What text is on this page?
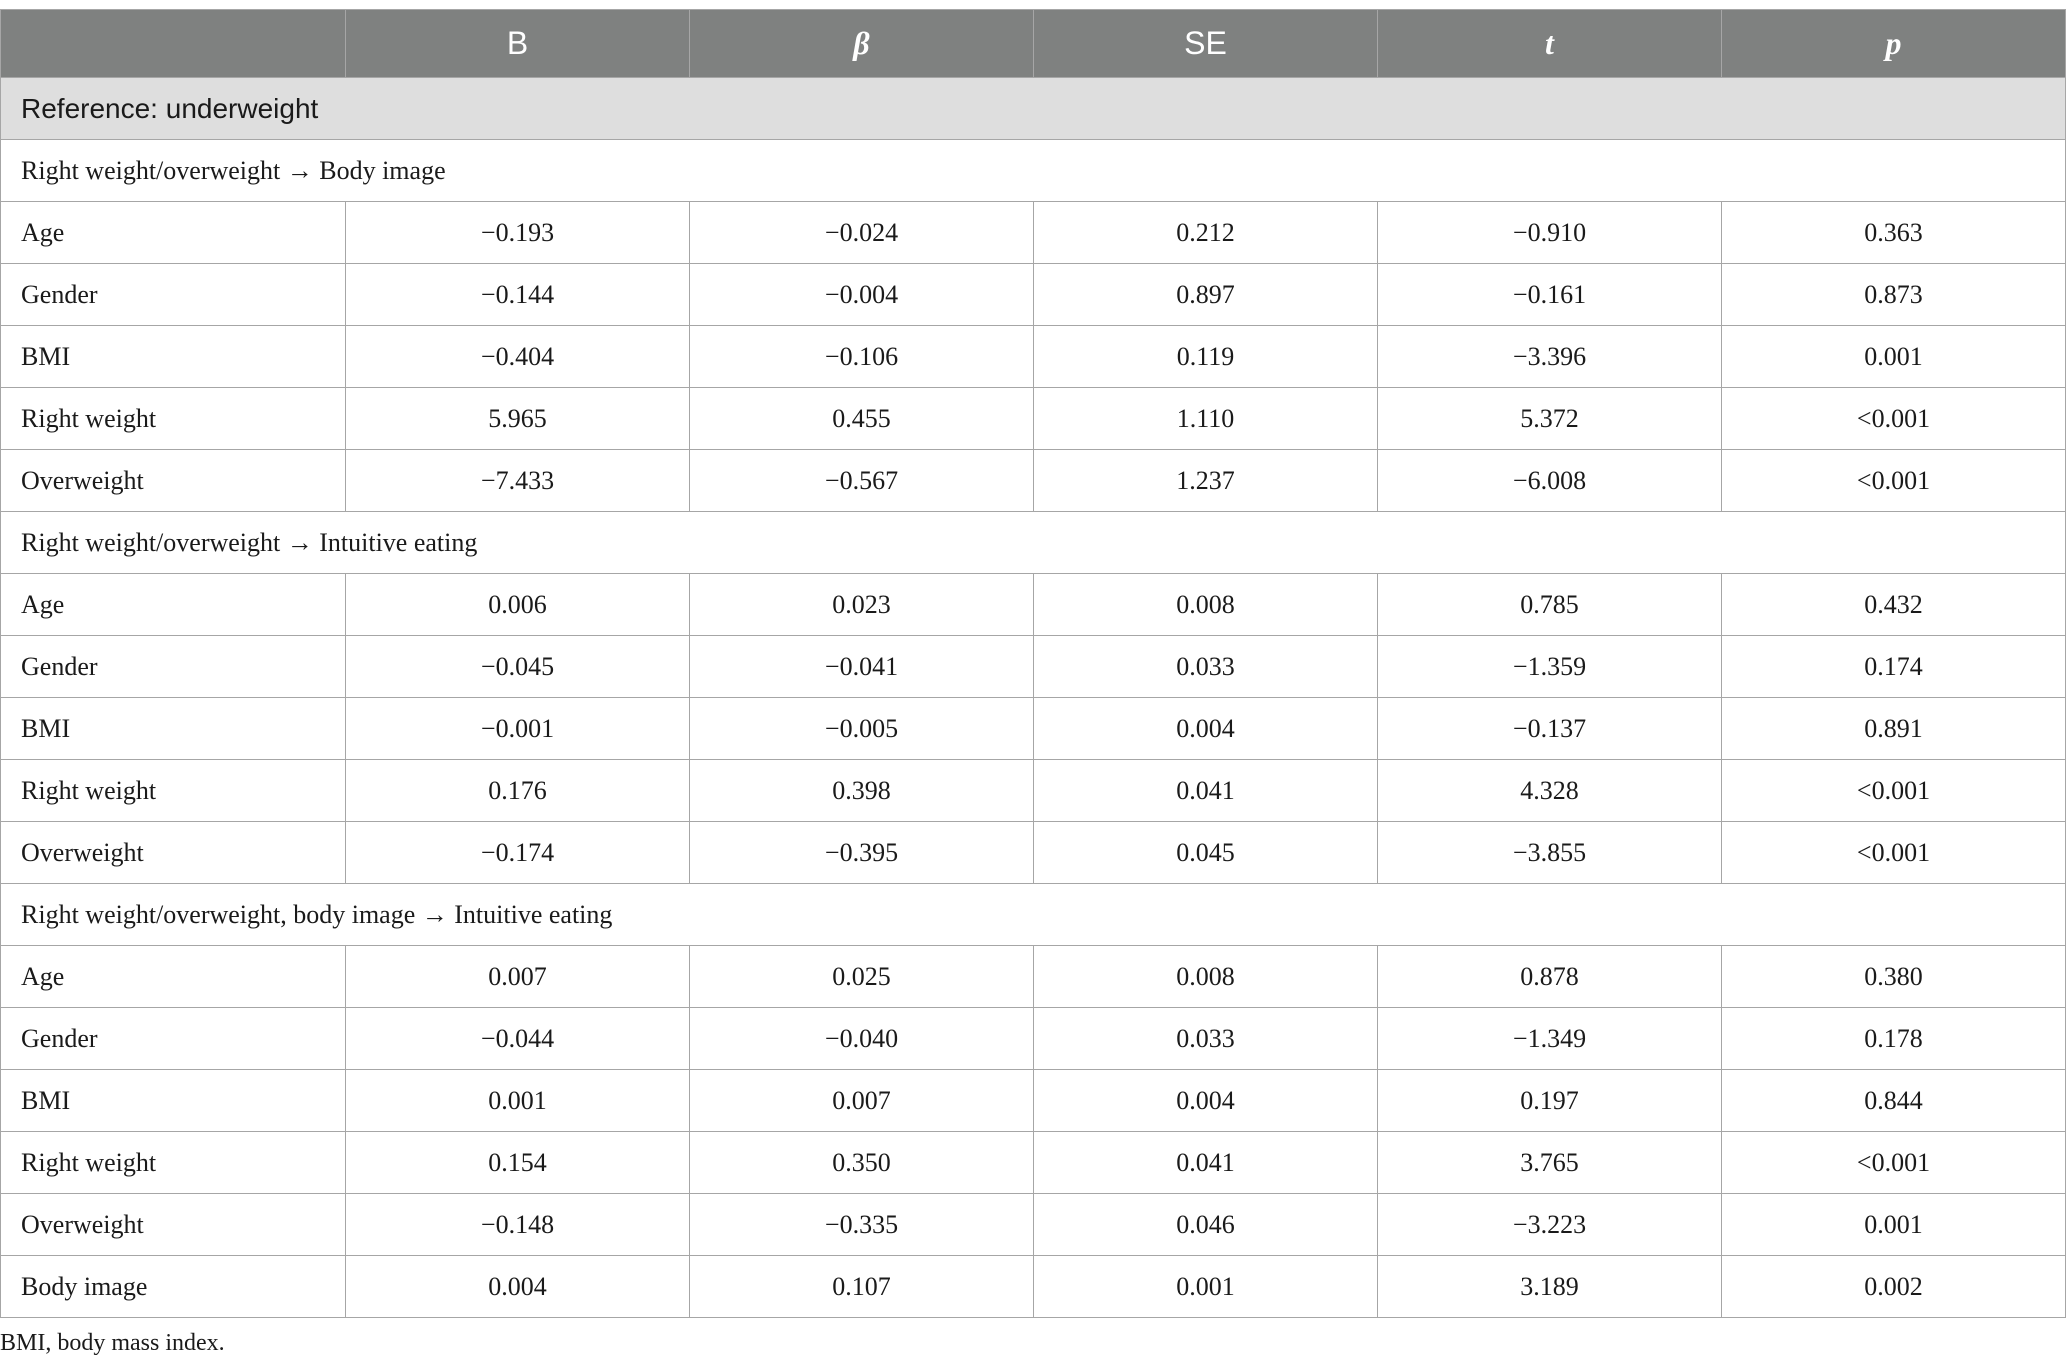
	B	β	SE	t	p
Reference: underweight					
Right weight/overweight → Body image					
Age	−0.193	−0.024	0.212	−0.910	0.363
Gender	−0.144	−0.004	0.897	−0.161	0.873
BMI	−0.404	−0.106	0.119	−3.396	0.001
Right weight	5.965	0.455	1.110	5.372	<0.001
Overweight	−7.433	−0.567	1.237	−6.008	<0.001
Right weight/overweight → Intuitive eating					
Age	0.006	0.023	0.008	0.785	0.432
Gender	−0.045	−0.041	0.033	−1.359	0.174
BMI	−0.001	−0.005	0.004	−0.137	0.891
Right weight	0.176	0.398	0.041	4.328	<0.001
Overweight	−0.174	−0.395	0.045	−3.855	<0.001
Right weight/overweight, body image → Intuitive eating					
Age	0.007	0.025	0.008	0.878	0.380
Gender	−0.044	−0.040	0.033	−1.349	0.178
BMI	0.001	0.007	0.004	0.197	0.844
Right weight	0.154	0.350	0.041	3.765	<0.001
Overweight	−0.148	−0.335	0.046	−3.223	0.001
Body image	0.004	0.107	0.001	3.189	0.002
BMI, body mass index.
